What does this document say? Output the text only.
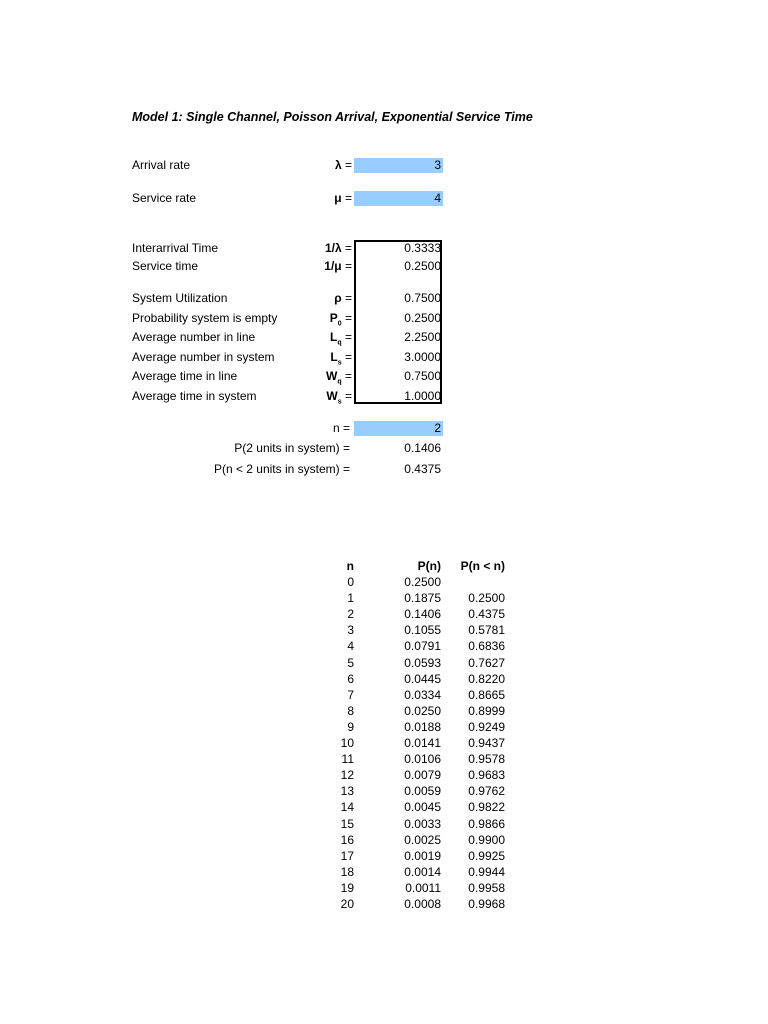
Model 1: Single Channel, Poisson Arrival, Exponential Service Time
Arrival rate	λ =	3
Service rate	μ =	4
Interarrival Time	1/λ =	0.3333
Service time	1/μ =	0.2500
System Utilization	ρ =	0.7500
Probability system is empty	$P_0$ =	0.2500
Average number in line	$L_q$ =	2.2500
Average number in system	$L_s$ =	3.0000
Average time in line	$W_q$ =	0.7500
Average time in system	$W_s$ =	1.0000
n =	2
P(2 units in system) =	0.1406
P(n < 2 units in system) =	0.4375
n	P(n)	P(n < n)
0	0.2500
1	0.1875	0.2500
2	0.1406	0.4375
3	0.1055	0.5781
4	0.0791	0.6836
5	0.0593	0.7627
6	0.0445	0.8220
7	0.0334	0.8665
8	0.0250	0.8999
9	0.0188	0.9249
10	0.0141	0.9437
11	0.0106	0.9578
12	0.0079	0.9683
13	0.0059	0.9762
14	0.0045	0.9822
15	0.0033	0.9866
16	0.0025	0.9900
17	0.0019	0.9925
18	0.0014	0.9944
19	0.0011	0.9958
20	0.0008	0.9968
